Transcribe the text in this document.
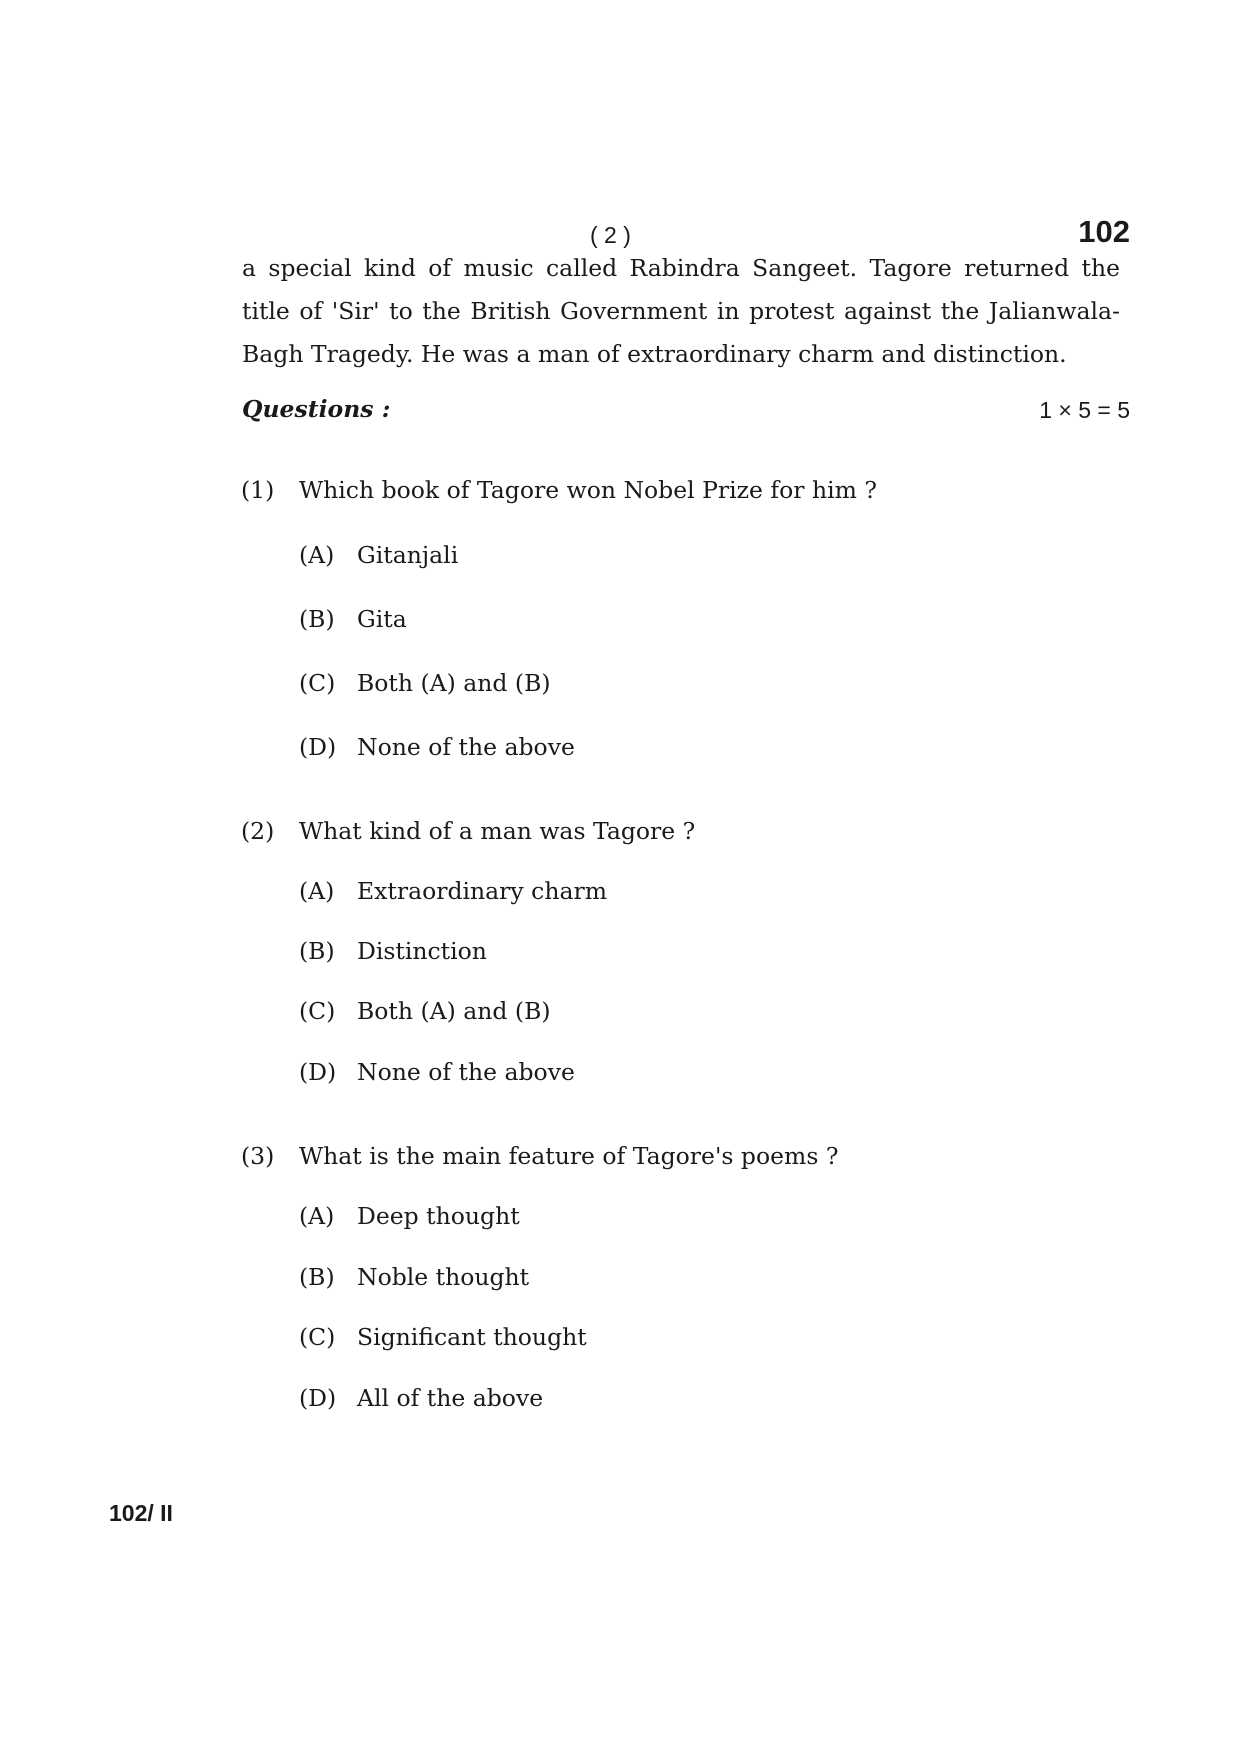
( 2 )	102

a special kind of music called Rabindra Sangeet. Tagore returned the title of 'Sir' to the British Government in protest against the Jalianwala-Bagh Tragedy. He was a man of extraordinary charm and distinction.

Questions :	1 × 5 = 5
(1) Which book of Tagore won Nobel Prize for him ?
(A) Gitanjali
(B) Gita
(C) Both (A) and (B)
(D) None of the above
(2) What kind of a man was Tagore ?
(A) Extraordinary charm
(B) Distinction
(C) Both (A) and (B)
(D) None of the above
(3) What is the main feature of Tagore's poems ?
(A) Deep thought
(B) Noble thought
(C) Significant thought
(D) All of the above
102/ II
